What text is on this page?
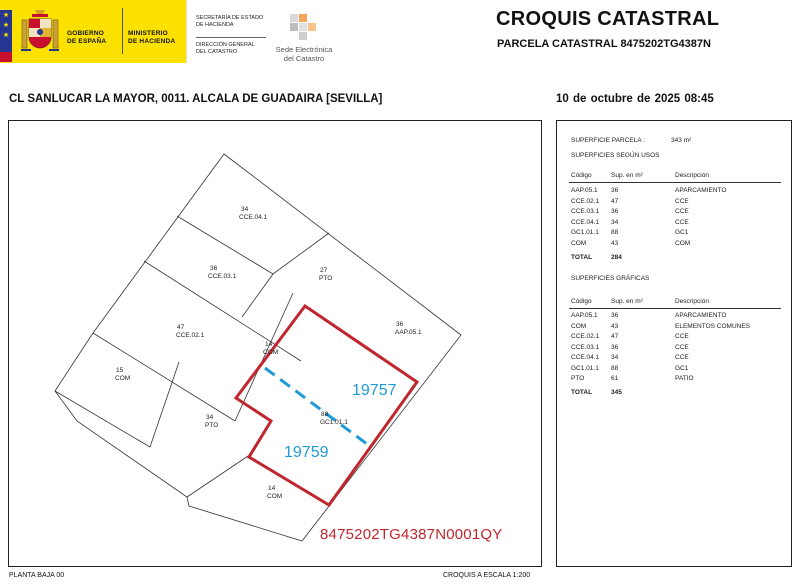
★
★
★	GOBIERNO
DE ESPAÑA
MINISTERIO
DE HACIENDA
SECRETARÍA DE ESTADO
DE HACIENDA
DIRECCIÓN GENERAL
DEL CATASTRO	Sede Electrónica
del Catastro
CROQUIS CATASTRAL
PARCELA CATASTRAL 8475202TG4387N
CL SANLUCAR LA MAYOR, 0011. ALCALA DE GUADAIRA [SEVILLA]	10 de octubre de 2025 08:45
34
CCE.04.1
36
CCE.03.1
27
PTO
36
AAP.05.1
47
CCE.02.1
14
COM
15
COM
34
PTO
88
GC1.01.1
14
COM
19757
19759
8475202TG4387N0001QY
SUPERFICIE PARCELA :	343 m²
SUPERFICIES SEGÚN USOS
Código	Sup. en m²	Descripción
AAP.05.1 36	APARCAMIENTO
CCE.02.1 47	CCE
CCE.03.1 36	CCE
CCE.04.1 34	CCE
GC1.01.1 88	GC1
COM	43	COM
TOTAL	284
SUPERFICIES GRÁFICAS
Código	Sup. en m²	Descripción
AAP.05.1 36	APARCAMIENTO
COM	43	ELEMENTOS COMUNES
CCE.02.1 47	CCE
CCE.03.1 36	CCE
CCE.04.1 34	CCE
GC1.01.1 88	GC1
PTO	61	PATIO
TOTAL	345
PLANTA BAJA 00	CROQUIS A ESCALA 1:200
